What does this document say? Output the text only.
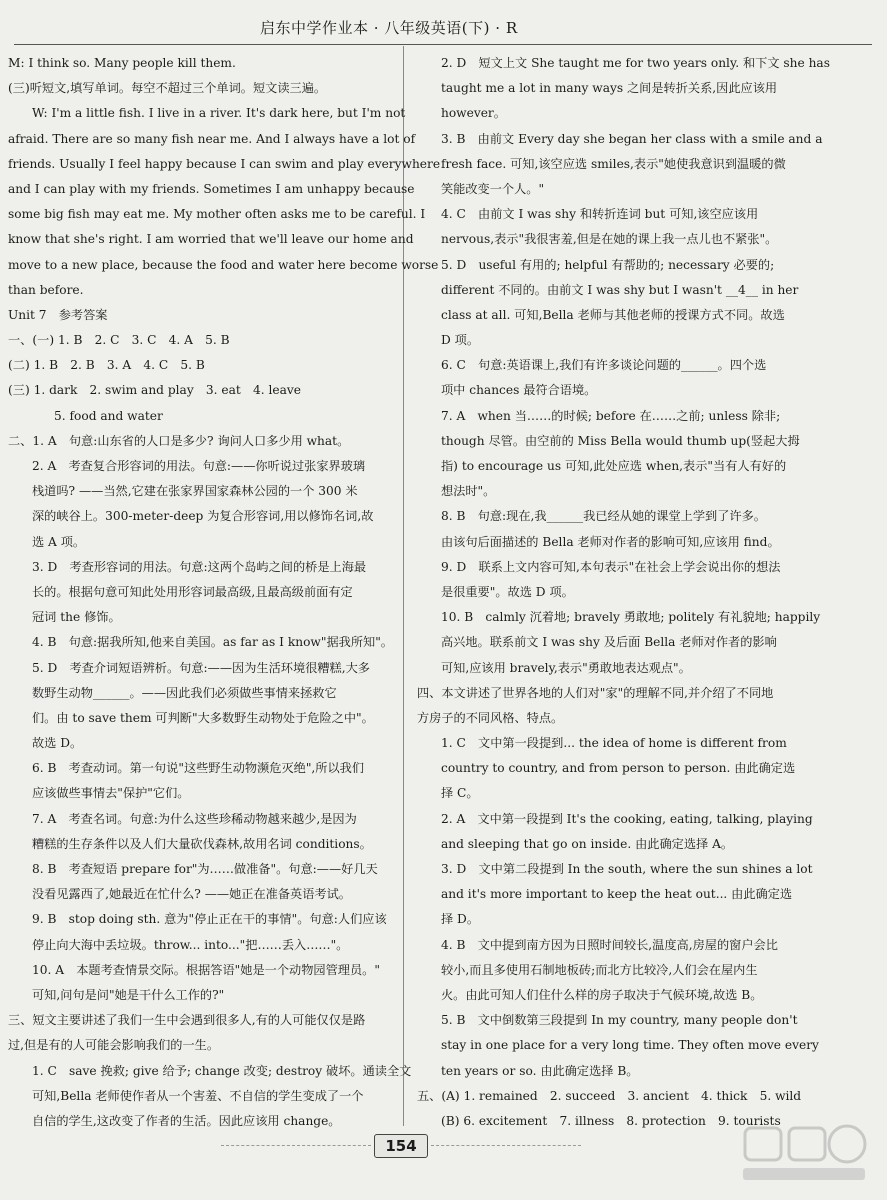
启东中学作业本 · 八年级英语(下) · R
M: I think so. Many people kill them.
(三)听短文,填写单词。每空不超过三个单词。短文读三遍。
W: I'm a little fish. I live in a river. It's dark here, but I'm not
afraid. There are so many fish near me. And I always have a lot of
friends. Usually I feel happy because I can swim and play everywhere
and I can play with my friends. Sometimes I am unhappy because
some big fish may eat me. My mother often asks me to be careful. I
know that she's right. I am worried that we'll leave our home and
move to a new place, because the food and water here become worse
than before.
Unit 7　参考答案
一、(一) 1. B　2. C　3. C　4. A　5. B
(二) 1. B　2. B　3. A　4. C　5. B
(三) 1. dark　2. swim and play　3. eat　4. leave
5. food and water
二、1. A　句意:山东省的人口是多少? 询问人口多少用 what。
2. A　考查复合形容词的用法。句意:——你听说过张家界玻璃
栈道吗? ——当然,它建在张家界国家森林公园的一个 300 米
深的峡谷上。300-meter-deep 为复合形容词,用以修饰名词,故
选 A 项。
3. D　考查形容词的用法。句意:这两个岛屿之间的桥是上海最
长的。根据句意可知此处用形容词最高级,且最高级前面有定
冠词 the 修饰。
4. B　句意:据我所知,他来自美国。as far as I know"据我所知"。
5. D　考查介词短语辨析。句意:——因为生活环境很糟糕,大多
数野生动物______。——因此我们必须做些事情来拯救它
们。由 to save them 可判断"大多数野生动物处于危险之中"。
故选 D。
6. B　考查动词。第一句说"这些野生动物濒危灭绝",所以我们
应该做些事情去"保护"它们。
7. A　考查名词。句意:为什么这些珍稀动物越来越少,是因为
糟糕的生存条件以及人们大量砍伐森林,故用名词 conditions。
8. B　考查短语 prepare for"为……做准备"。句意:——好几天
没看见露西了,她最近在忙什么? ——她正在准备英语考试。
9. B　stop doing sth. 意为"停止正在干的事情"。句意:人们应该
停止向大海中丢垃圾。throw... into..."把……丢入……"。
10. A　本题考查情景交际。根据答语"她是一个动物园管理员。"
可知,问句是问"她是干什么工作的?"
三、短文主要讲述了我们一生中会遇到很多人,有的人可能仅仅是路
过,但是有的人可能会影响我们的一生。
1. C　save 挽救; give 给予; change 改变; destroy 破坏。通读全文
可知,Bella 老师使作者从一个害羞、不自信的学生变成了一个
自信的学生,这改变了作者的生活。因此应该用 change。
2. D　短文上文 She taught me for two years only. 和下文 she has
taught me a lot in many ways 之间是转折关系,因此应该用
however。
3. B　由前文 Every day she began her class with a smile and a
fresh face. 可知,该空应选 smiles,表示"她使我意识到温暖的微
笑能改变一个人。"
4. C　由前文 I was shy 和转折连词 but 可知,该空应该用
nervous,表示"我很害羞,但是在她的课上我一点儿也不紧张"。
5. D　useful 有用的; helpful 有帮助的; necessary 必要的;
different 不同的。由前文 I was shy but I wasn't __4__ in her
class at all. 可知,Bella 老师与其他老师的授课方式不同。故选
D 项。
6. C　句意:英语课上,我们有许多谈论问题的______。四个选
项中 chances 最符合语境。
7. A　when 当……的时候; before 在……之前; unless 除非;
though 尽管。由空前的 Miss Bella would thumb up(竖起大拇
指) to encourage us 可知,此处应选 when,表示"当有人有好的
想法时"。
8. B　句意:现在,我______我已经从她的课堂上学到了许多。
由该句后面描述的 Bella 老师对作者的影响可知,应该用 find。
9. D　联系上文内容可知,本句表示"在社会上学会说出你的想法
是很重要"。故选 D 项。
10. B　calmly 沉着地; bravely 勇敢地; politely 有礼貌地; happily
高兴地。联系前文 I was shy 及后面 Bella 老师对作者的影响
可知,应该用 bravely,表示"勇敢地表达观点"。
四、本文讲述了世界各地的人们对"家"的理解不同,并介绍了不同地
方房子的不同风格、特点。
1. C　文中第一段提到... the idea of home is different from
country to country, and from person to person. 由此确定选
择 C。
2. A　文中第一段提到 It's the cooking, eating, talking, playing
and sleeping that go on inside. 由此确定选择 A。
3. D　文中第二段提到 In the south, where the sun shines a lot
and it's more important to keep the heat out... 由此确定选
择 D。
4. B　文中提到南方因为日照时间较长,温度高,房屋的窗户会比
较小,而且多使用石制地板砖;而北方比较冷,人们会在屋内生
火。由此可知人们住什么样的房子取决于气候环境,故选 B。
5. B　文中倒数第三段提到 In my country, many people don't
stay in one place for a very long time. They often move every
ten years or so. 由此确定选择 B。
五、(A) 1. remained　2. succeed　3. ancient　4. thick　5. wild
(B) 6. excitement　7. illness　8. protection　9. tourists
154
